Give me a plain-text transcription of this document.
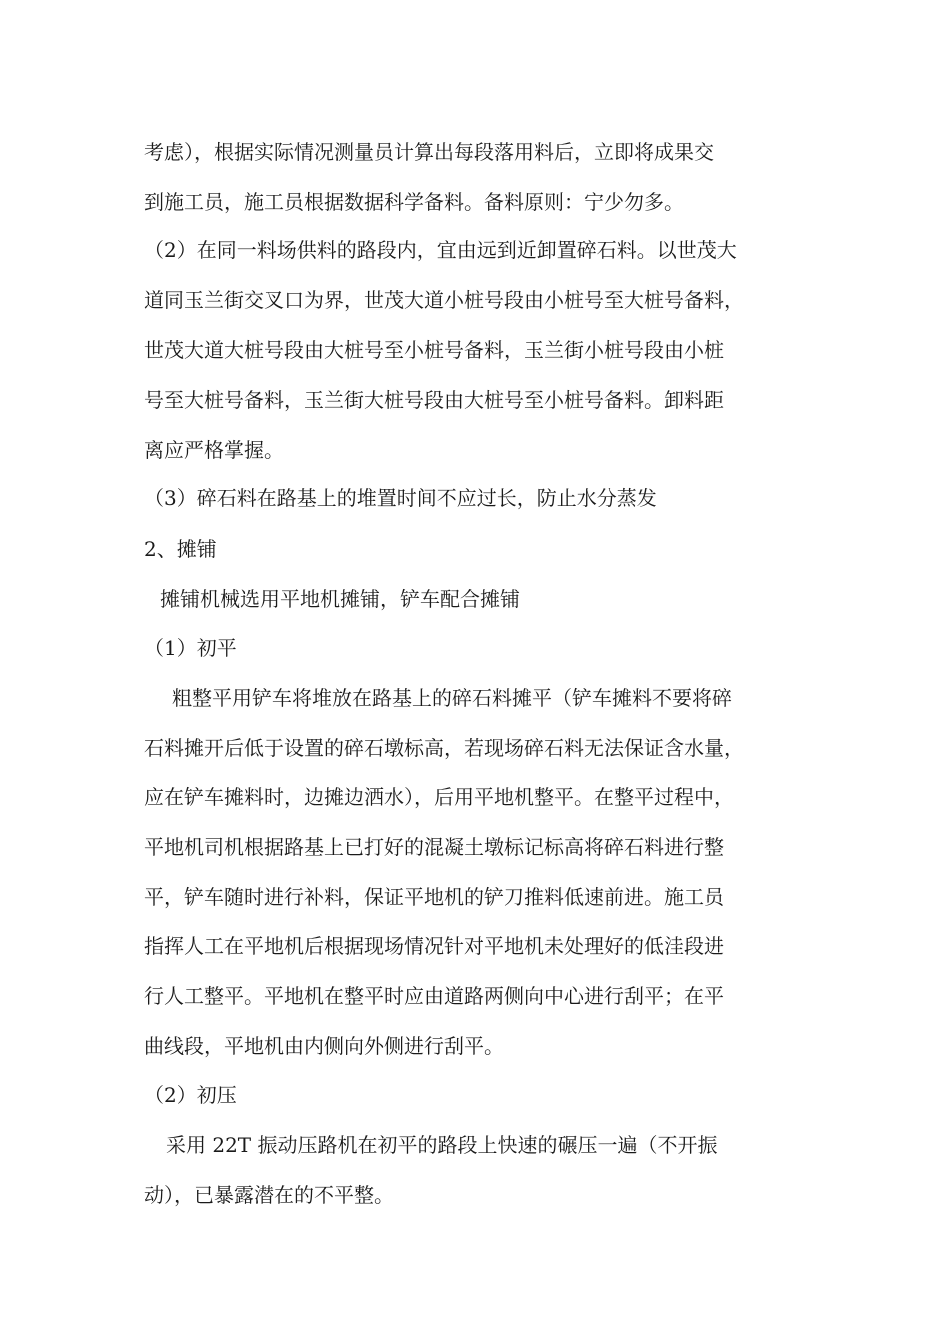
考虑），根据实际情况测量员计算出每段落用料后，立即将成果交
到施工员，施工员根据数据科学备料。备料原则：宁少勿多。
（2）在同一料场供料的路段内，宜由远到近卸置碎石料。以世茂大
道同玉兰街交叉口为界，世茂大道小桩号段由小桩号至大桩号备料，
世茂大道大桩号段由大桩号至小桩号备料，玉兰街小桩号段由小桩
号至大桩号备料，玉兰街大桩号段由大桩号至小桩号备料。卸料距
离应严格掌握。
（3）碎石料在路基上的堆置时间不应过长，防止水分蒸发
2、摊铺
摊铺机械选用平地机摊铺，铲车配合摊铺
（1）初平
粗整平用铲车将堆放在路基上的碎石料摊平（铲车摊料不要将碎
石料摊开后低于设置的碎石墩标高，若现场碎石料无法保证含水量，
应在铲车摊料时，边摊边洒水），后用平地机整平。在整平过程中，
平地机司机根据路基上已打好的混凝土墩标记标高将碎石料进行整
平，铲车随时进行补料，保证平地机的铲刀推料低速前进。施工员
指挥人工在平地机后根据现场情况针对平地机未处理好的低洼段进
行人工整平。平地机在整平时应由道路两侧向中心进行刮平；在平
曲线段，平地机由内侧向外侧进行刮平。
（2）初压
采用 22T 振动压路机在初平的路段上快速的碾压一遍（不开振
动），已暴露潜在的不平整。
